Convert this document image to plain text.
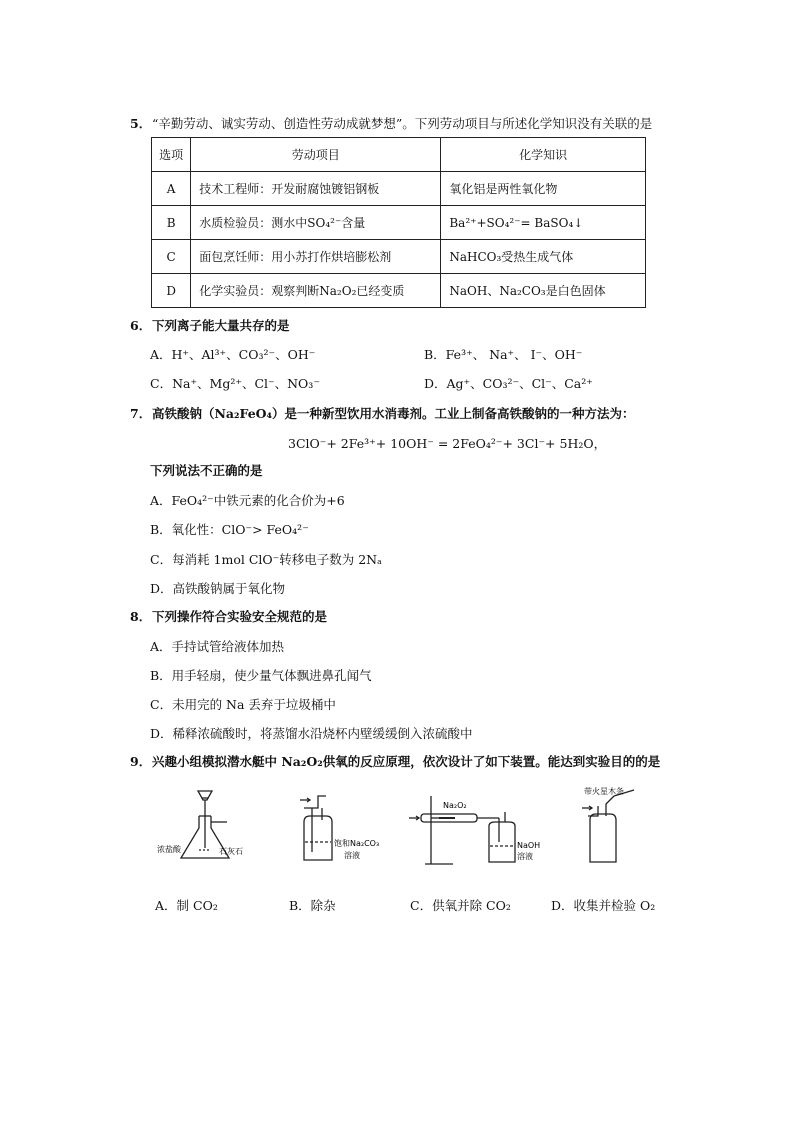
5．“辛勤劳动、诚实劳动、创造性劳动成就梦想”。下列劳动项目与所述化学知识没有关联的是
选项	劳动项目	化学知识
A	技术工程师：开发耐腐蚀镀铝钢板	氧化铝是两性氧化物
B	水质检验员：测水中SO₄²⁻含量	Ba²⁺+SO₄²⁻= BaSO₄↓
C	面包烹饪师：用小苏打作烘培膨松剂	NaHCO₃受热生成气体
D	化学实验员：观察判断Na₂O₂已经变质	NaOH、Na₂CO₃是白色固体
6．下列离子能大量共存的是
A．H⁺、Al³⁺、CO₃²⁻、OH⁻	B．Fe³⁺、 Na⁺、 I⁻、OH⁻
C．Na⁺、Mg²⁺、Cl⁻、NO₃⁻	D．Ag⁺、CO₃²⁻、Cl⁻、Ca²⁺
7．高铁酸钠（Na₂FeO₄）是一种新型饮用水消毒剂。工业上制备高铁酸钠的一种方法为：
3ClO⁻+ 2Fe³⁺+ 10OH⁻ = 2FeO₄²⁻+ 3Cl⁻+ 5H₂O，
下列说法不正确的是
A．FeO₄²⁻中铁元素的化合价为+6
B．氧化性：ClO⁻> FeO₄²⁻
C．每消耗 1mol ClO⁻转移电子数为 2Nₐ
D．高铁酸钠属于氧化物
8．下列操作符合实验安全规范的是
A．手持试管给液体加热
B．用手轻扇，使少量气体飘进鼻孔闻气
C．未用完的 Na 丢弃于垃圾桶中
D．稀释浓硫酸时，将蒸馏水沿烧杯内壁缓缓倒入浓硫酸中
9．兴趣小组模拟潜水艇中 Na₂O₂供氧的反应原理，依次设计了如下装置。能达到实验目的的是
浓盐酸	石灰石
饱和Na₂CO₃
溶液
Na₂O₂
NaOH
溶液
带火星木条
A．制 CO₂	B．除杂	C．供氧并除 CO₂	D．收集并检验 O₂
